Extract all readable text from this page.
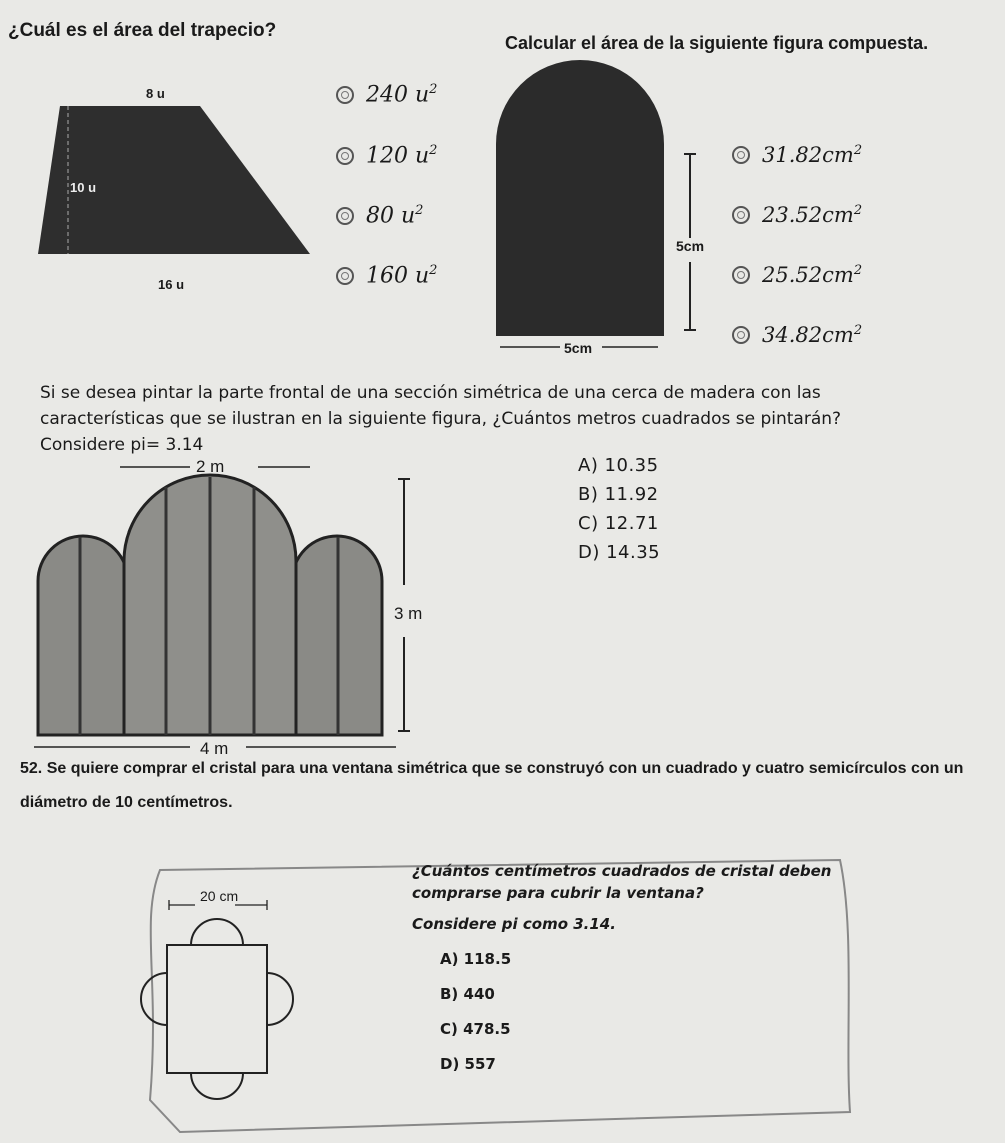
¿Cuál es el área del trapecio?
8 u
10 u
16 u
240 $u^2$
120 $u^2$
80 $u^2$
160 $u^2$
Calcular el área de la siguiente figura compuesta.
5cm
5cm
$31.82cm^2$
$23.52cm^2$
$25.52cm^2$
$34.82cm^2$
Si se desea pintar la parte frontal de una sección simétrica de una cerca de madera con las características que se ilustran en la siguiente figura, ¿Cuántos metros cuadrados se pintarán? Considere pi= 3.14
2 m
3 m
4 m
A) 10.35
B) 11.92
C) 12.71
D) 14.35
52. Se quiere comprar el cristal para una ventana simétrica que se construyó con un cuadrado y cuatro semicírculos con un diámetro de 10 centímetros.
20 cm
¿Cuántos centímetros cuadrados de cristal deben comprarse para cubrir la ventana?
Considere pi como 3.14.
A) 118.5
B) 440
C) 478.5
D) 557
